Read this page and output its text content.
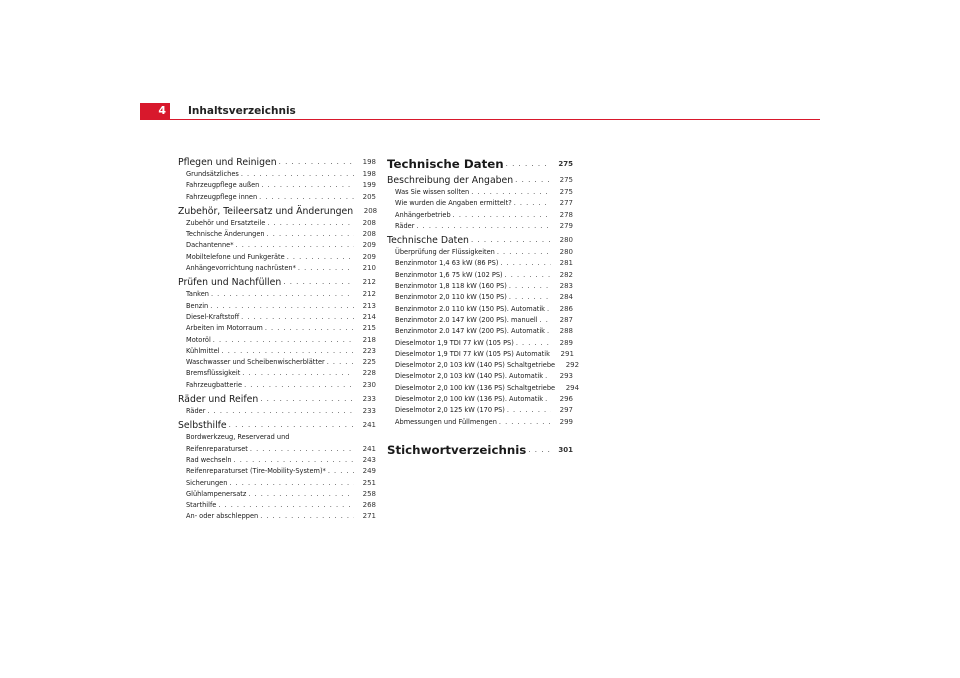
4	Inhaltsverzeichnis
Pflegen und Reinigen . . .	198
Grundsätzliches . . .	198
Fahrzeugpflege außen . . .	199
Fahrzeugpflege innen . . .	205
Zubehör, Teileersatz und Änderungen	208
Zubehör und Ersatzteile . . .	208
Technische Änderungen . . .	208
Dachantenne* . . .	209
Mobiltelefone und Funkgeräte . . .	209
Anhängevorrichtung nachrüsten* . . .	210
Prüfen und Nachfüllen . . .	212
Tanken . . .	212
Benzin . . .	213
Diesel-Kraftstoff . . .	214
Arbeiten im Motorraum . . .	215
Motoröl . . .	218
Kühlmittel . . .	223
Waschwasser und Scheibenwischerblätter . . .	225
Bremsflüssigkeit . . .	228
Fahrzeugbatterie . . .	230
Räder und Reifen . . .	233
Räder . . .	233
Selbsthilfe . . .	241
Bordwerkzeug, Reserverad und
Reifenreparaturset . . .	241
Rad wechseln . . .	243
Reifenreparaturset (Tire-Mobility-System)* . . .	249
Sicherungen . . .	251
Glühlampenersatz . . .	258
Starthilfe . . .	268
An- oder abschleppen . . .	271
Technische Daten . . .	275
Beschreibung der Angaben . . .	275
Was Sie wissen sollten . . .	275
Wie wurden die Angaben ermittelt? . . .	277
Anhängerbetrieb . . .	278
Räder . . .	279
Technische Daten . . .	280
Überprüfung der Flüssigkeiten . . .	280
Benzinmotor 1,4 63 kW (86 PS) . . .	281
Benzinmotor 1,6 75 kW (102 PS) . . .	282
Benzinmotor 1,8 118 kW (160 PS) . . .	283
Benzinmotor 2,0 110 kW (150 PS) . . .	284
Benzinmotor 2.0 110 kW (150 PS). Automatik . . .	286
Benzinmotor 2.0 147 kW (200 PS). manuell . . .	287
Benzinmotor 2.0 147 kW (200 PS). Automatik . . .	288
Dieselmotor 1,9 TDI 77 kW (105 PS) . . .	289
Dieselmotor 1,9 TDI 77 kW (105 PS) Automatik	291
Dieselmotor 2,0 103 kW (140 PS) Schaltgetriebe	292
Dieselmotor 2,0 103 kW (140 PS). Automatik . . .	293
Dieselmotor 2,0 100 kW (136 PS) Schaltgetriebe	294
Dieselmotor 2,0 100 kW (136 PS). Automatik . . .	296
Dieselmotor 2,0 125 kW (170 PS) . . .	297
Abmessungen und Füllmengen . . .	299
Stichwortverzeichnis . . .	301
